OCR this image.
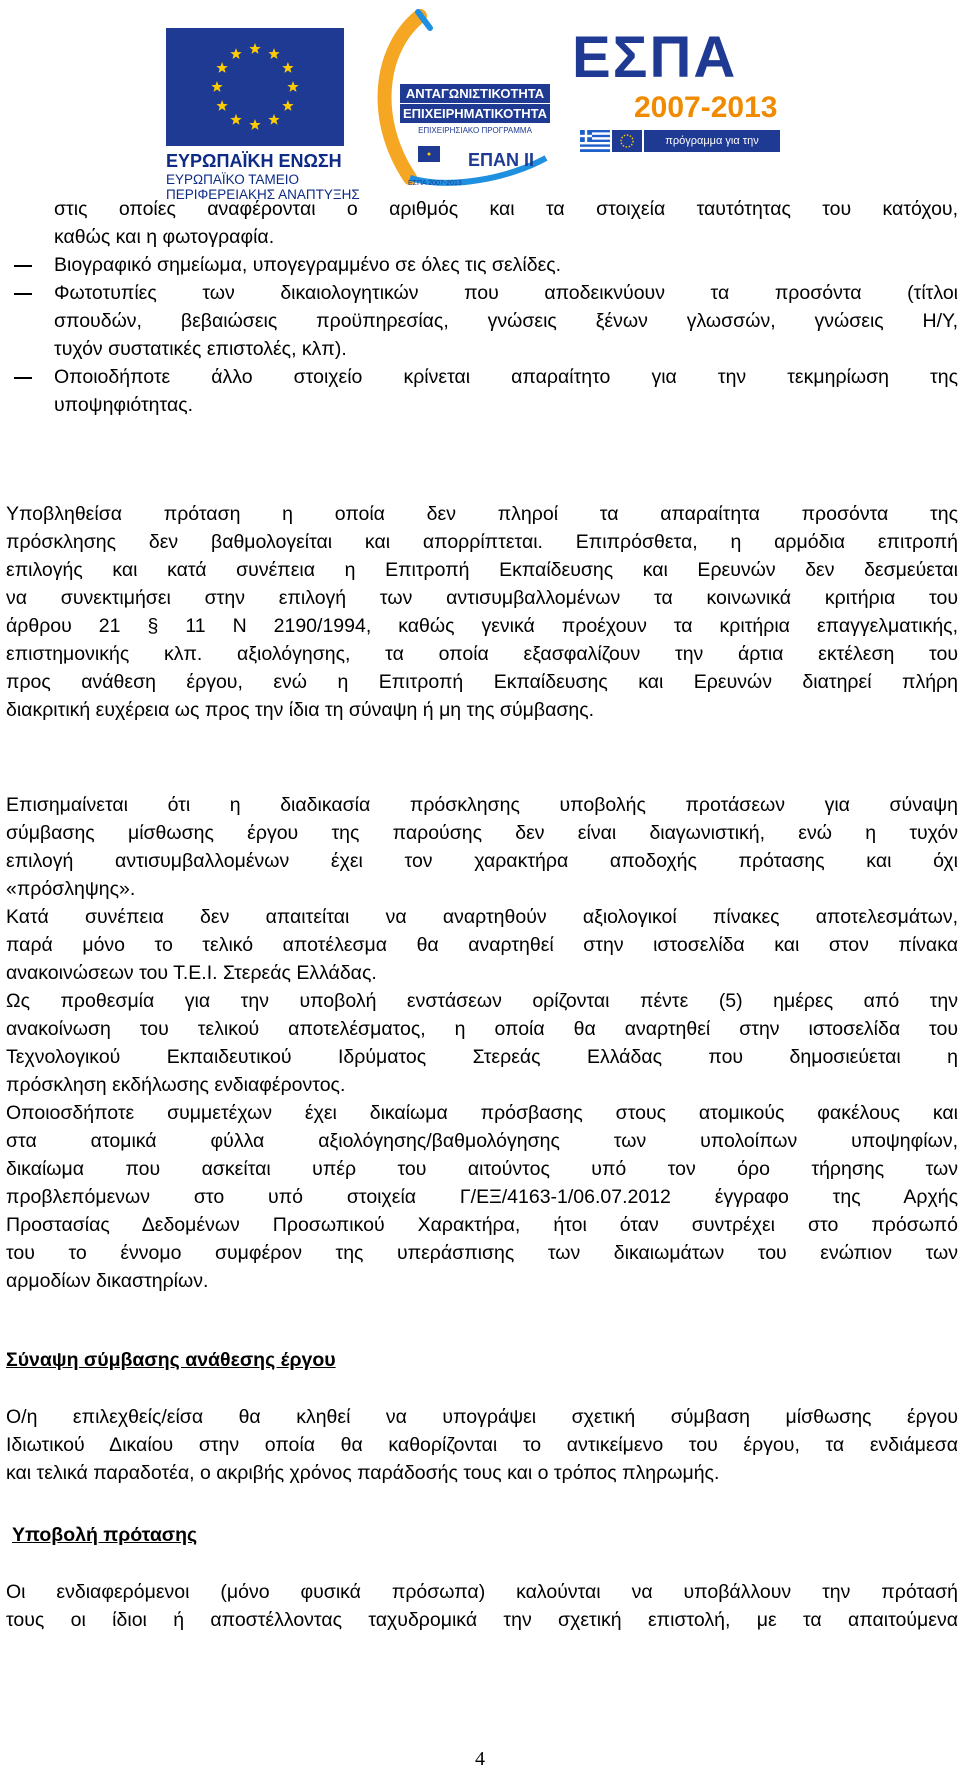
ΕΥΡΩΠΑΪΚΗ ΕΝΩΣΗ
ΕΥΡΩΠΑΪΚΟ ΤΑΜΕΙΟ
ΠΕΡΙΦΕΡΕΙΑΚΗΣ ΑΝΑΠΤΥΞΗΣ
ΑΝΤΑΓΩΝΙΣΤΙΚΟΤΗΤΑ
ΕΠΙΧΕΙΡΗΜΑΤΙΚΟΤΗΤΑ
ΕΠΙΧΕΙΡΗΣΙΑΚΟ ΠΡΟΓΡΑΜΜΑ
ΕΠΑΝ ΙΙ
ΕΣΠΑ 2007-2013
ΕΣΠΑ
2007-2013
πρόγραμμα για την ανάπτυξη
στις οποίες αναφέρονται ο αριθμός και τα στοιχεία ταυτότητας του κατόχου,
καθώς και η φωτογραφία.
Βιογραφικό σημείωμα, υπογεγραμμένο σε όλες τις σελίδες.
Φωτοτυπίες των δικαιολογητικών που αποδεικνύουν τα προσόντα (τίτλοι
σπουδών, βεβαιώσεις προϋπηρεσίας, γνώσεις ξένων γλωσσών, γνώσεις Η/Υ,
τυχόν συστατικές επιστολές, κλπ).
Οποιοδήποτε άλλο στοιχείο κρίνεται απαραίτητο για την τεκμηρίωση της
υποψηφιότητας.
Υποβληθείσα πρόταση η οποία δεν πληροί τα απαραίτητα προσόντα της
πρόσκλησης δεν βαθμολογείται και απορρίπτεται. Επιπρόσθετα, η αρμόδια επιτροπή
επιλογής και κατά συνέπεια η Επιτροπή Εκπαίδευσης και Ερευνών δεν δεσμεύεται
να συνεκτιμήσει στην επιλογή των αντισυμβαλλομένων τα κοινωνικά κριτήρια του
άρθρου 21 § 11 Ν 2190/1994, καθώς γενικά προέχουν τα κριτήρια επαγγελματικής,
επιστημονικής κλπ. αξιολόγησης, τα οποία εξασφαλίζουν την άρτια εκτέλεση του
προς ανάθεση έργου, ενώ η Επιτροπή Εκπαίδευσης και Ερευνών διατηρεί πλήρη
διακριτική ευχέρεια ως προς την ίδια τη σύναψη ή μη της σύμβασης.
Επισημαίνεται ότι η διαδικασία πρόσκλησης υποβολής προτάσεων για σύναψη
σύμβασης μίσθωσης έργου της παρούσης δεν είναι διαγωνιστική, ενώ η τυχόν
επιλογή αντισυμβαλλομένων έχει τον χαρακτήρα αποδοχής πρότασης και όχι
«πρόσληψης».
Κατά συνέπεια δεν απαιτείται να αναρτηθούν αξιολογικοί πίνακες αποτελεσμάτων,
παρά μόνο το τελικό αποτέλεσμα θα αναρτηθεί στην ιστοσελίδα και στον πίνακα
ανακοινώσεων του Τ.Ε.Ι. Στερεάς Ελλάδας.
Ως προθεσμία για την υποβολή ενστάσεων ορίζονται πέντε (5) ημέρες από την
ανακοίνωση του τελικού αποτελέσματος, η οποία θα αναρτηθεί στην ιστοσελίδα του
Τεχνολογικού Εκπαιδευτικού Ιδρύματος Στερεάς Ελλάδας που δημοσιεύεται η
πρόσκληση εκδήλωσης ενδιαφέροντος.
Οποιοσδήποτε συμμετέχων έχει δικαίωμα πρόσβασης στους ατομικούς φακέλους και
στα ατομικά φύλλα αξιολόγησης/βαθμολόγησης των υπολοίπων υποψηφίων,
δικαίωμα που ασκείται υπέρ του αιτούντος υπό τον όρο τήρησης των
προβλεπόμενων στο υπό στοιχεία Γ/ΕΞ/4163-1/06.07.2012 έγγραφο της Αρχής
Προστασίας Δεδομένων Προσωπικού Χαρακτήρα, ήτοι όταν συντρέχει στο πρόσωπό
του το έννομο συμφέρον της υπεράσπισης των δικαιωμάτων του ενώπιον των
αρμοδίων δικαστηρίων.
Σύναψη σύμβασης ανάθεσης έργου
Ο/η επιλεχθείς/είσα θα κληθεί να υπογράψει σχετική σύμβαση μίσθωσης έργου
Ιδιωτικού Δικαίου στην οποία θα καθορίζονται το αντικείμενο του έργου, τα ενδιάμεσα
και τελικά παραδοτέα, ο ακριβής χρόνος παράδοσής τους και ο τρόπος πληρωμής.
Υποβολή πρότασης
Οι ενδιαφερόμενοι (μόνο φυσικά πρόσωπα) καλούνται να υποβάλλουν την πρότασή
τους οι ίδιοι ή αποστέλλοντας ταχυδρομικά την σχετική επιστολή, με τα απαιτούμενα
4
